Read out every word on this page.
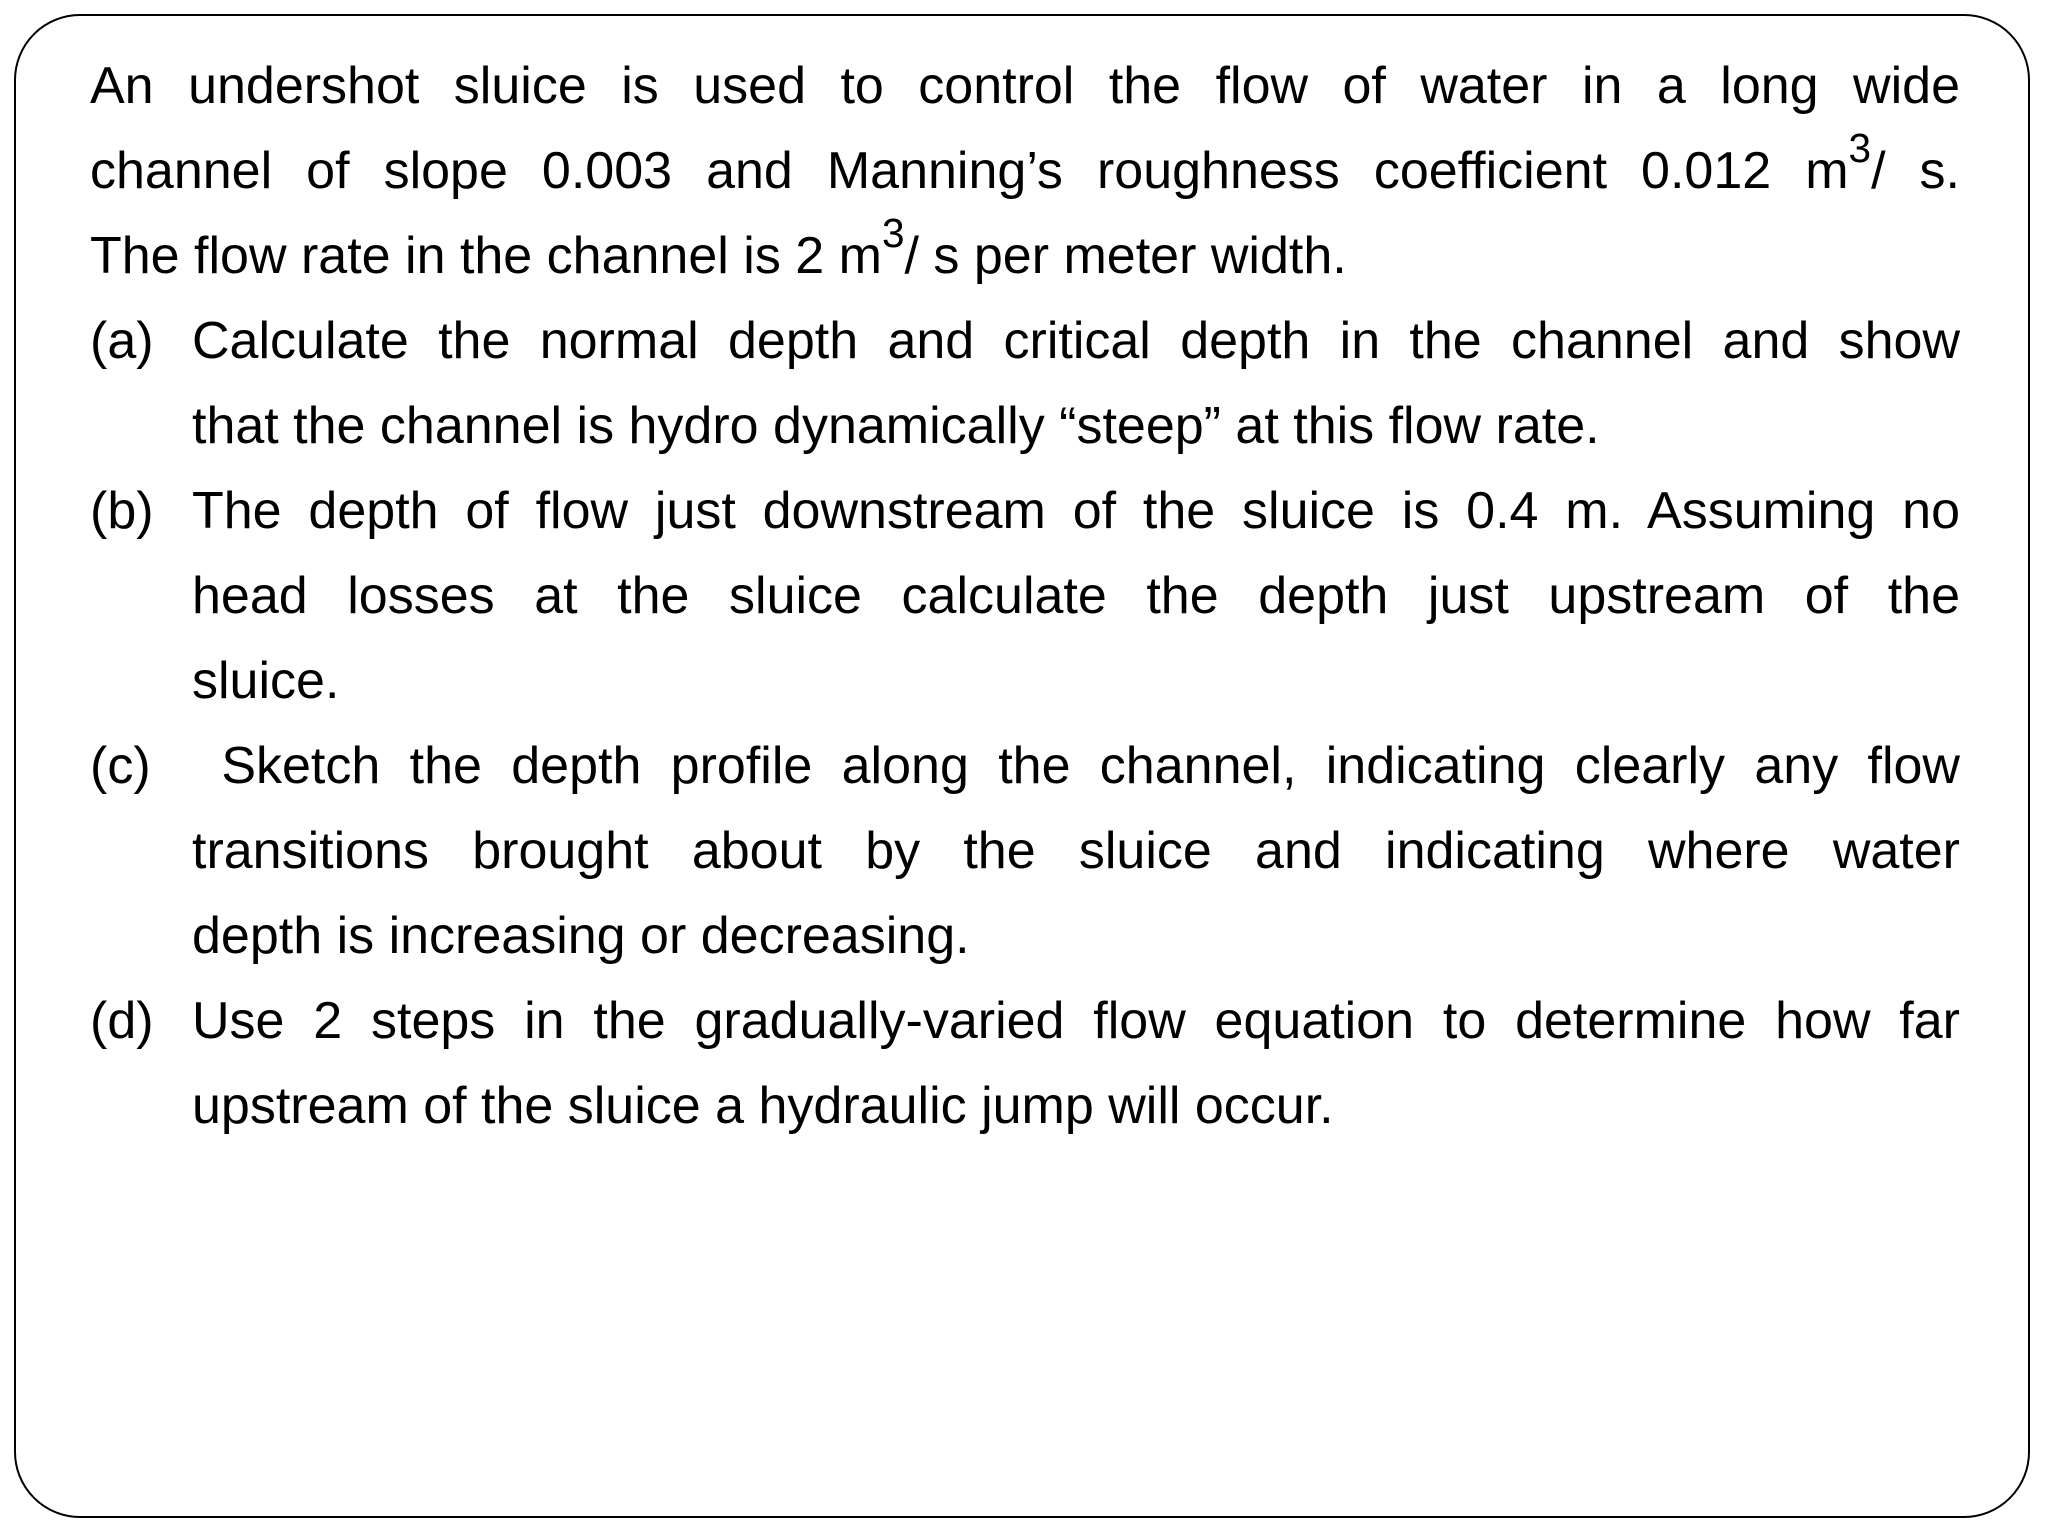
An undershot sluice is used to control the flow of water in a long wide
channel of slope 0.003 and Manning’s roughness coefficient 0.012 $m^3/$ s.
The flow rate in the channel is 2 $m^3/$ s per meter width.
(a) Calculate the normal depth and critical depth in the channel and show
that the channel is hydro dynamically “steep” at this flow rate.
(b) The depth of flow just downstream of the sluice is 0.4 m. Assuming no
head losses at the sluice calculate the depth just upstream of the
sluice.
(c) Sketch the depth profile along the channel, indicating clearly any flow
transitions brought about by the sluice and indicating where water
depth is increasing or decreasing.
(d) Use 2 steps in the gradually-varied flow equation to determine how far
upstream of the sluice a hydraulic jump will occur.
